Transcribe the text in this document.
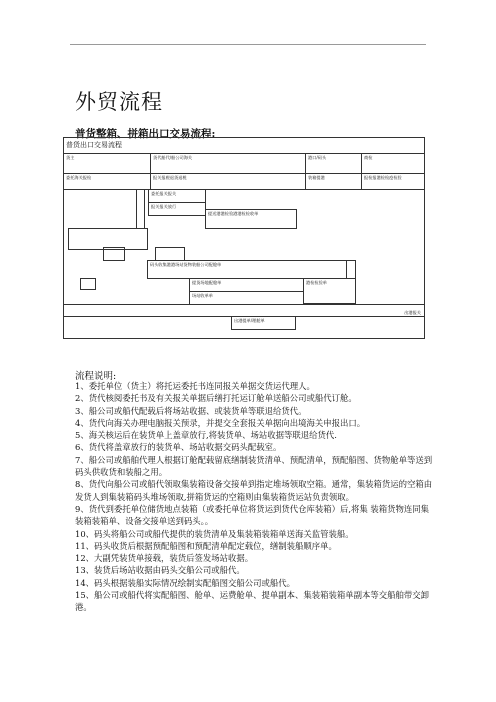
外贸流程
普货整箱、拼箱出口交易流程:
普货出口交易流程
货主	货代船代/船公司海关	港口/码头	商检
委托海关报检	报关报税退货退税	装箱提港	报检报港检检疫检验
委托报关报关
报关报关放行
提送港港检验港港检检收单
码头收集港港场站货物装船公司配舱单
提货场地配舱单	港检检验单
场站收单单
出港报关
出港提单/理舱单
流程说明:
1、委托单位（货主）将托运委托书连同报关单据交货运代理人。
2、货代核阅委托书及有关报关单据后缮打托运订舱单送船公司或船代订舱。
3、船公司或船代配载后将场站收据、或装货单等联退给货代。
4、货代向海关办理电脑报关预录，并提交全套报关单据向出境海关申报出口。
5、海关核运后在装货单上盖章放行,将装货单、场站收据等联退给货代.
6、货代将盖章放行的装货单、场站收据交码头配载室。
7、船公司或船舶代理人根据订舱配载留底缮制装货清单、预配清单，预配船图、货物舱单等送到码头供收货和装船之用。
8、货代向船公司或船代领取集装箱设备交接单到指定堆场领取空箱。通常，集装箱货运的空箱由发货人到集装箱码头堆场领取,拼箱货运的空箱则由集装箱货运站负责领取。
9、货代到委托单位储货地点装箱（或委托单位将货运到货代仓库装箱）后,将集 装箱货物连同集装箱装箱单、设备交接单送到码头。。
10、码头将船公司或船代提供的装货清单及集装箱装箱单送海关监管装船。
11、码头收货后根据预配船图和预配清单配定载位，缮制装船顺序单。
12、大副凭装货单接载，装货后签发场站收据。
13、装货后场站收据由码头交船公司或船代。
14、码头根据装船实际情况绘制实配船图交船公司或船代。
15、船公司或船代将实配船图、舱单、运费舱单、提单副本、集装箱装箱单副本等交船舶带交卸港。
